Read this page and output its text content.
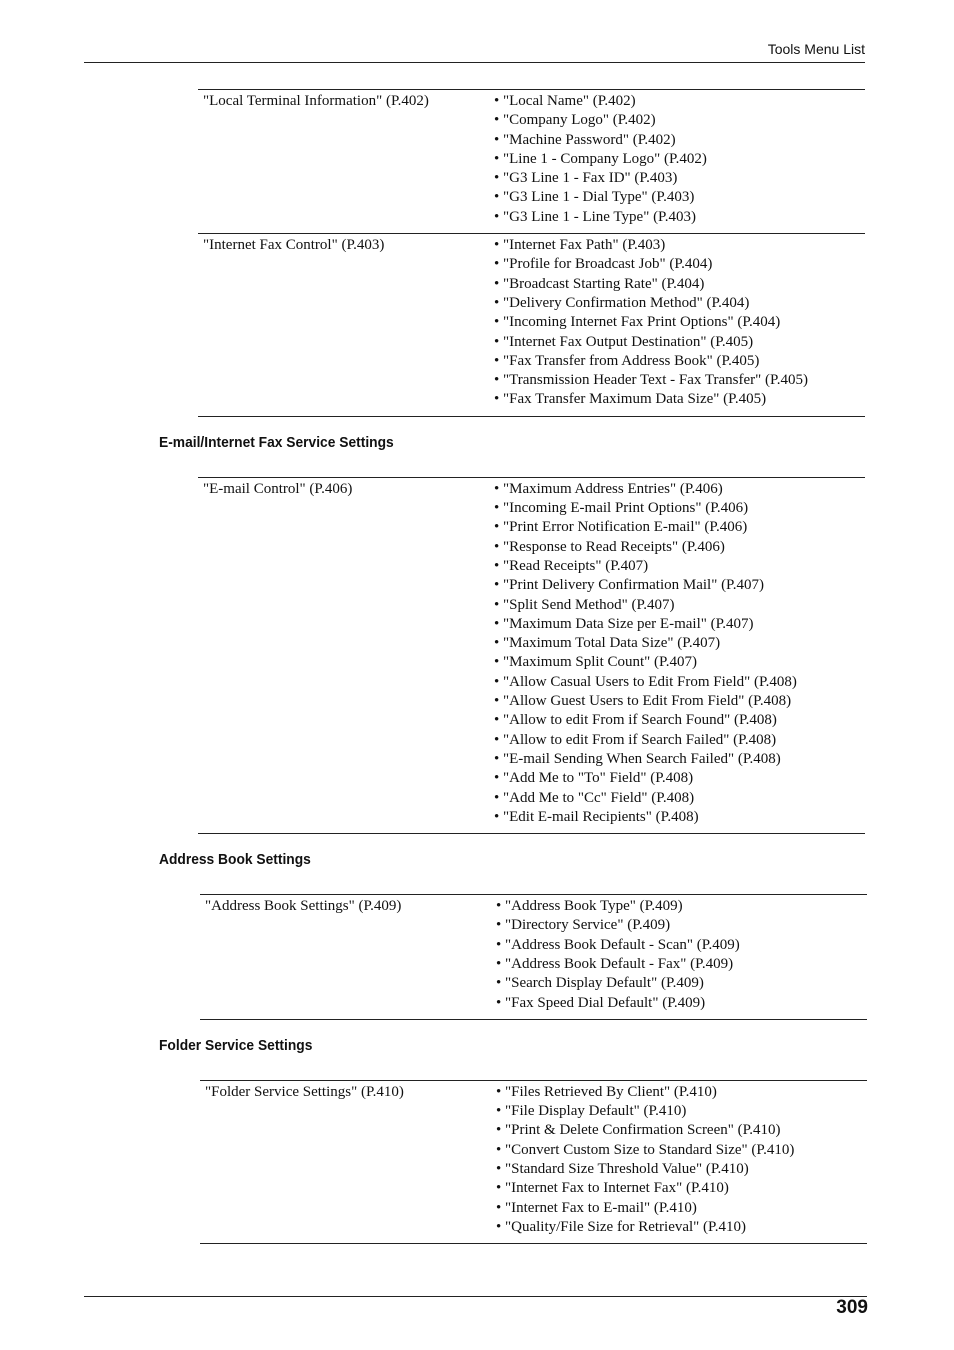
Tools Menu List
"Local Terminal Information" (P.402)	• "Local Name" (P.402)
• "Company Logo" (P.402)
• "Machine Password" (P.402)
• "Line 1 - Company Logo" (P.402)
• "G3 Line 1 - Fax ID" (P.403)
• "G3 Line 1 - Dial Type" (P.403)
• "G3 Line 1 - Line Type" (P.403)
"Internet Fax Control" (P.403)	• "Internet Fax Path" (P.403)
• "Profile for Broadcast Job" (P.404)
• "Broadcast Starting Rate" (P.404)
• "Delivery Confirmation Method" (P.404)
• "Incoming Internet Fax Print Options" (P.404)
• "Internet Fax Output Destination" (P.405)
• "Fax Transfer from Address Book" (P.405)
• "Transmission Header Text - Fax Transfer" (P.405)
• "Fax Transfer Maximum Data Size" (P.405)
E-mail/Internet Fax Service Settings
"E-mail Control" (P.406)	• "Maximum Address Entries" (P.406)
• "Incoming E-mail Print Options" (P.406)
• "Print Error Notification E-mail" (P.406)
• "Response to Read Receipts" (P.406)
• "Read Receipts" (P.407)
• "Print Delivery Confirmation Mail" (P.407)
• "Split Send Method" (P.407)
• "Maximum Data Size per E-mail" (P.407)
• "Maximum Total Data Size" (P.407)
• "Maximum Split Count" (P.407)
• "Allow Casual Users to Edit From Field" (P.408)
• "Allow Guest Users to Edit From Field" (P.408)
• "Allow to edit From if Search Found" (P.408)
• "Allow to edit From if Search Failed" (P.408)
• "E-mail Sending When Search Failed" (P.408)
• "Add Me to "To" Field" (P.408)
• "Add Me to "Cc" Field" (P.408)
• "Edit E-mail Recipients" (P.408)
Address Book Settings
"Address Book Settings" (P.409)	• "Address Book Type" (P.409)
• "Directory Service" (P.409)
• "Address Book Default - Scan" (P.409)
• "Address Book Default - Fax" (P.409)
• "Search Display Default" (P.409)
• "Fax Speed Dial Default" (P.409)
Folder Service Settings
"Folder Service Settings" (P.410)	• "Files Retrieved By Client" (P.410)
• "File Display Default" (P.410)
• "Print & Delete Confirmation Screen" (P.410)
• "Convert Custom Size to Standard Size" (P.410)
• "Standard Size Threshold Value" (P.410)
• "Internet Fax to Internet Fax" (P.410)
• "Internet Fax to E-mail" (P.410)
• "Quality/File Size for Retrieval" (P.410)
309
